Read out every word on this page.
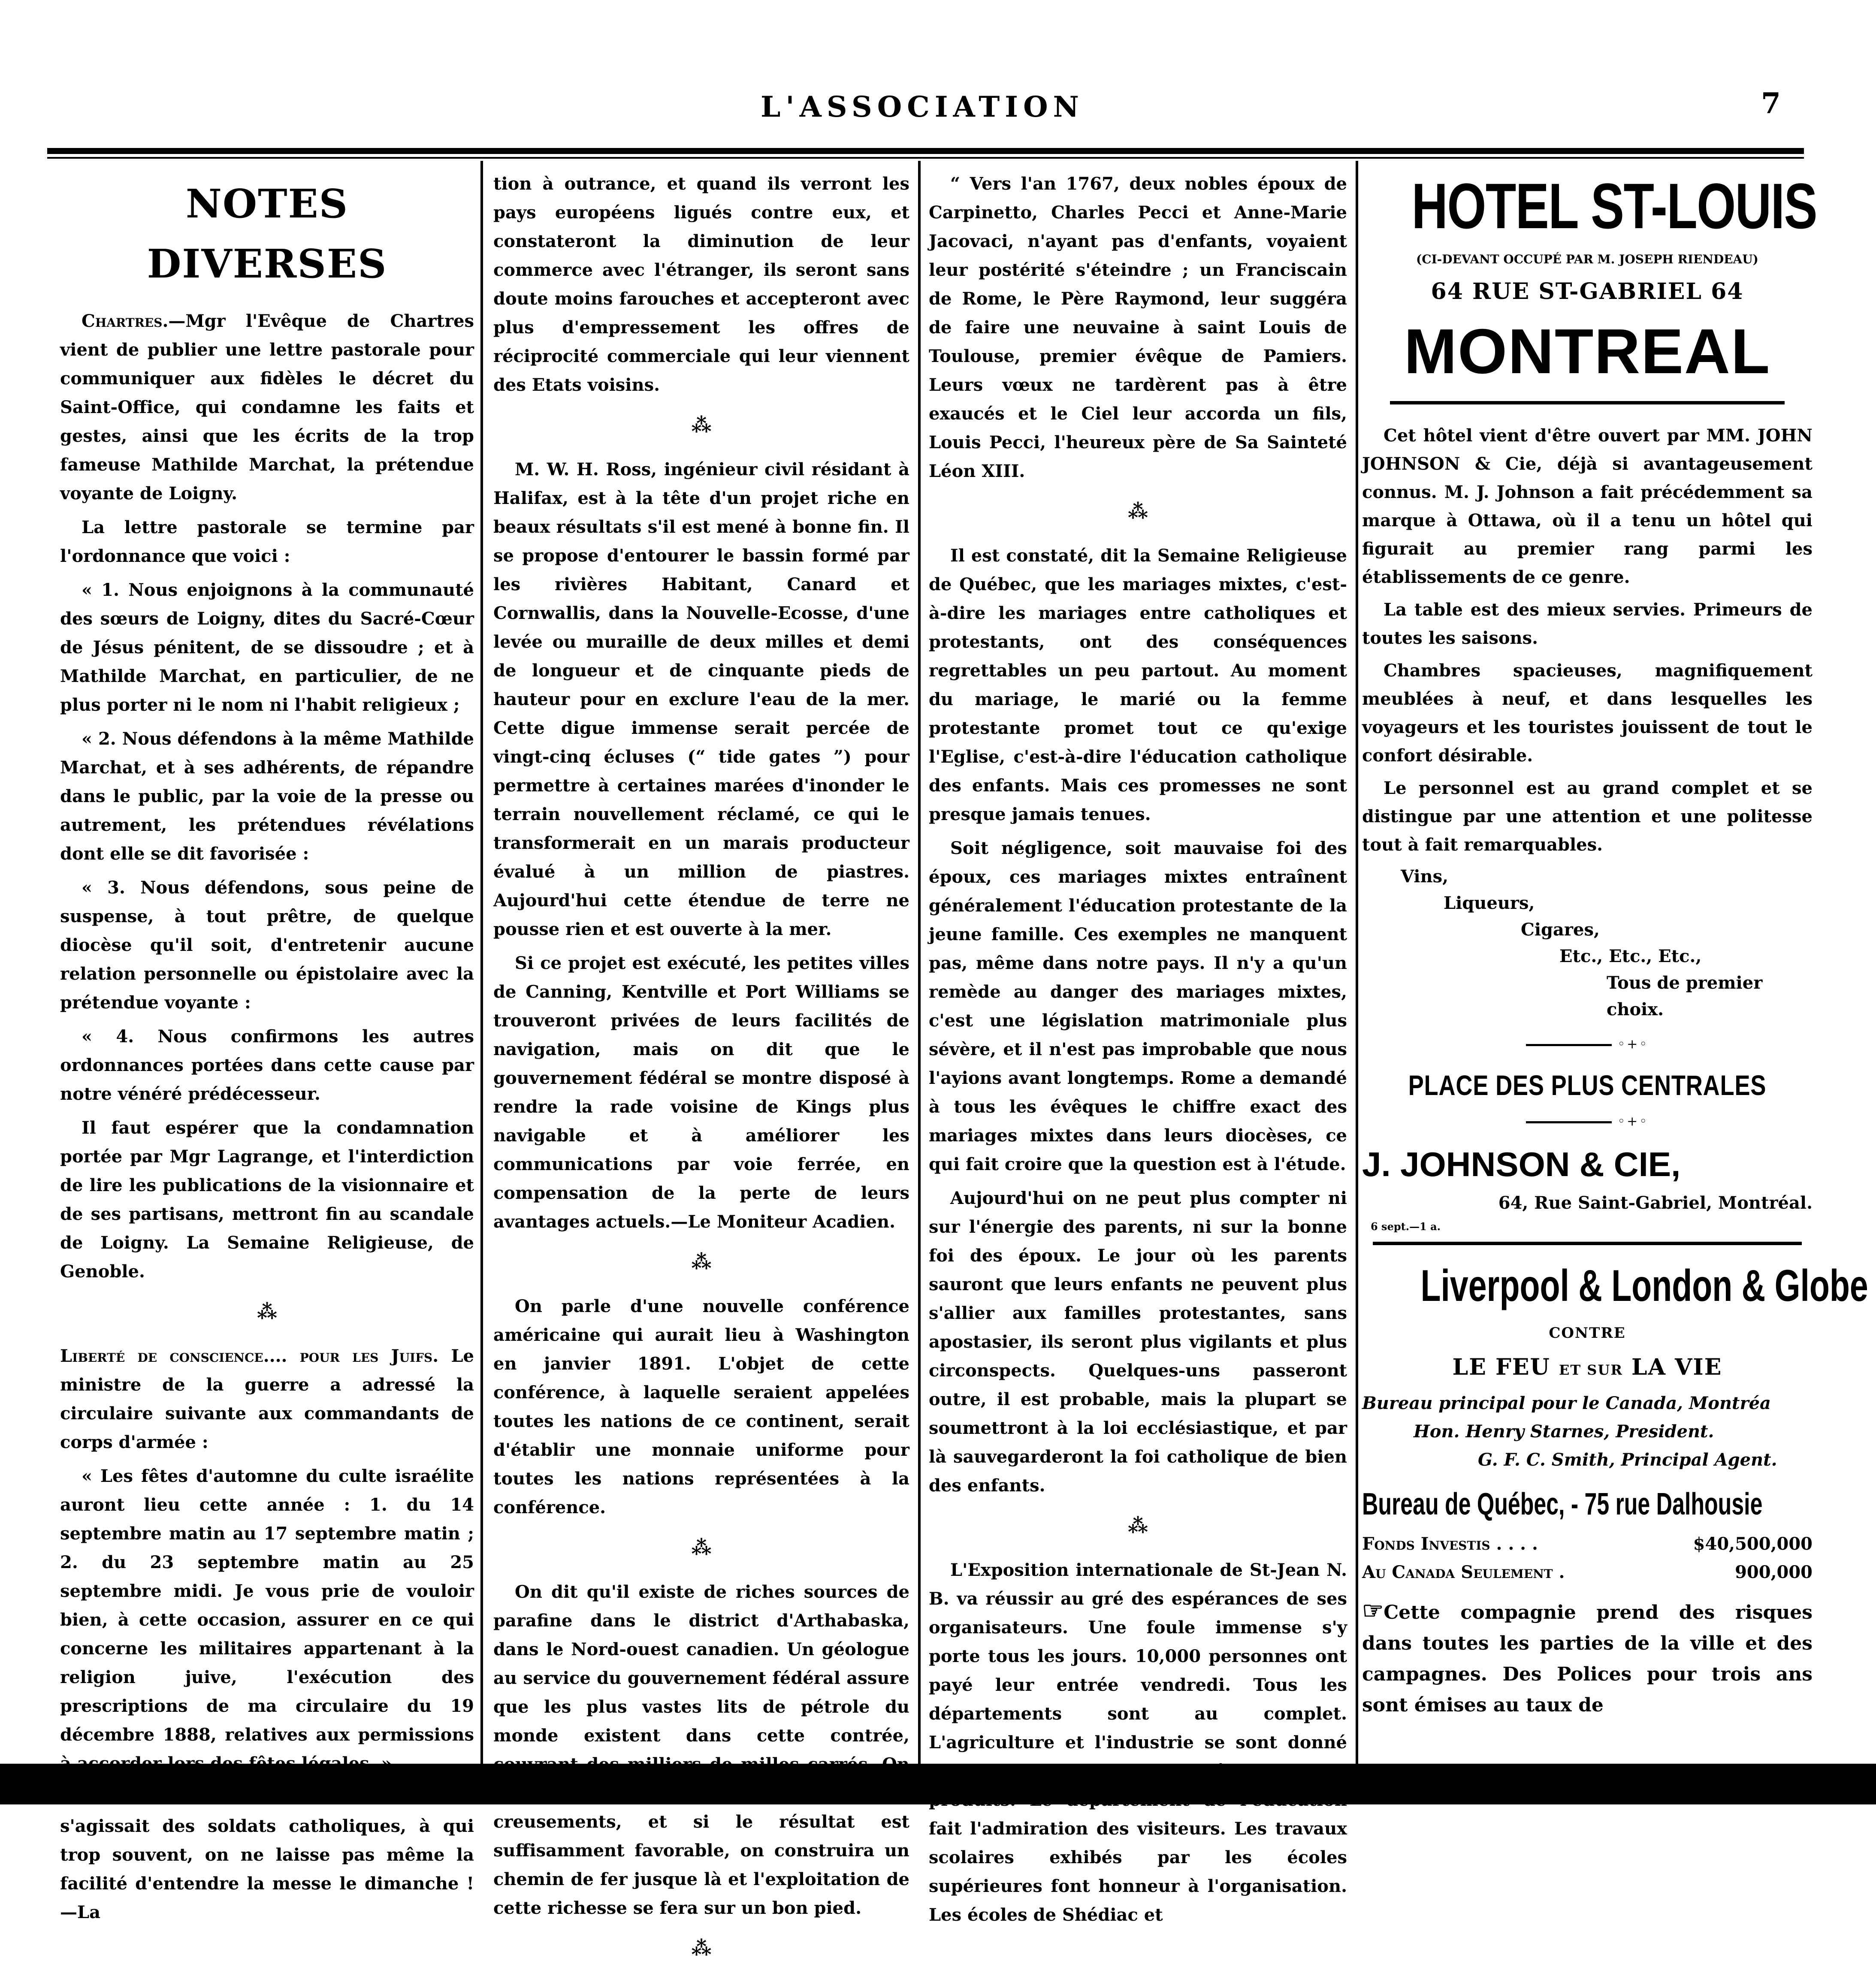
L'ASSOCIATION	7
NOTES DIVERSES

Chartres.—Mgr l'Evêque de Chartres vient de publier une lettre pastorale pour communiquer aux fidèles le décret du Saint-Office, qui condamne les faits et gestes, ainsi que les écrits de la trop fameuse Mathilde Marchat, la prétendue voyante de Loigny.

La lettre pastorale se termine par l'ordonnance que voici :

« 1. Nous enjoignons à la communauté des sœurs de Loigny, dites du Sacré-Cœur de Jésus pénitent, de se dissoudre ; et à Mathilde Marchat, en particulier, de ne plus porter ni le nom ni l'habit religieux ;

« 2. Nous défendons à la même Mathilde Marchat, et à ses adhérents, de répandre dans le public, par la voie de la presse ou autrement, les prétendues révélations dont elle se dit favorisée :

« 3. Nous défendons, sous peine de suspense, à tout prêtre, de quelque diocèse qu'il soit, d'entretenir aucune relation personnelle ou épistolaire avec la prétendue voyante :

« 4. Nous confirmons les autres ordonnances portées dans cette cause par notre vénéré prédécesseur.

Il faut espérer que la condamnation portée par Mgr Lagrange, et l'interdiction de lire les publications de la visionnaire et de ses partisans, mettront fin au scandale de Loigny. La Semaine Religieuse, de Genoble.

⁂

Liberté de conscience.... pour les Juifs. Le ministre de la guerre a adressé la circulaire suivante aux commandants de corps d'armée :

« Les fêtes d'automne du culte israélite auront lieu cette année : 1. du 14 septembre matin au 17 septembre matin ; 2. du 23 septembre matin au 25 septembre midi. Je vous prie de vouloir bien, à cette occasion, assurer en ce qui concerne les militaires appartenant à la religion juive, l'exécution des prescriptions de ma circulaire du 19 décembre 1888, relatives aux permissions

s'agissait des soldats catholiques, à qui trop souvent, on ne laisse pas même la facilité d'entendre la messe le dimanche ! —La

tion à outrance, et quand ils verront les pays européens ligués contre eux, et constateront la diminution de leur commerce avec l'étranger, ils seront sans doute moins farouches et accepteront avec plus d'empressement les offres de réciprocité commerciale qui leur viennent des Etats voisins.

⁂

M. W. H. Ross, ingénieur civil résidant à Halifax, est à la tête d'un projet riche en beaux résultats s'il est mené à bonne fin. Il se propose d'entourer le bassin formé par les rivières Habitant, Canard et Cornwallis, dans la Nouvelle-Ecosse, d'une levée ou muraille de deux milles et demi de longueur et de cinquante pieds de hauteur pour en exclure l'eau de la mer. Cette digue immense serait percée de vingt-cinq écluses (“ tide gates ”) pour permettre à certaines marées d'inonder le terrain nouvellement réclamé, ce qui le transformerait en un marais producteur évalué à un million de piastres. Aujourd'hui cette étendue de terre ne pousse rien et est ouverte à la mer.

Si ce projet est exécuté, les petites villes de Canning, Kentville et Port Williams se trouveront privées de leurs facilités de navigation, mais on dit que le gouvernement fédéral se montre disposé à rendre la rade voisine de Kings plus navigable et à améliorer les communications par voie ferrée, en compensation de la perte de leurs avantages actuels.—Le Moniteur Acadien.

⁂

On parle d'une nouvelle conférence américaine qui aurait lieu à Washington en janvier 1891. L'objet de cette conférence, à laquelle seraient appelées toutes les nations de ce continent, serait d'établir une monnaie uniforme pour toutes les nations représentées à la conférence.

⁂

On dit qu'il existe de riches sources de parafine dans le district d'Arthabaska, dans le Nord-ouest canadien. Un géologue au service du gouvernement fédéral assure que les plus vastes lits de pétrole du monde existent dans cette contrée, creusements, et si le résultat est suffisamment favorable, on construira un chemin de fer jusque là et l'exploitation de cette richesse se fera sur un bon pied.

⁂

“ Vers l'an 1767, deux nobles époux de Carpinetto, Charles Pecci et Anne-Marie Jacovaci, n'ayant pas d'enfants, voyaient leur postérité s'éteindre ; un Franciscain de Rome, le Père Raymond, leur suggéra de faire une neuvaine à saint Louis de Toulouse, premier évêque de Pamiers. Leurs vœux ne tardèrent pas à être exaucés et le Ciel leur accorda un fils, Louis Pecci, l'heureux père de Sa Sainteté Léon XIII.

⁂

Il est constaté, dit la Semaine Religieuse de Québec, que les mariages mixtes, c'est-à-dire les mariages entre catholiques et protestants, ont des conséquences regrettables un peu partout. Au moment du mariage, le marié ou la femme protestante promet tout ce qu'exige l'Eglise, c'est-à-dire l'éducation catholique des enfants. Mais ces promesses ne sont presque jamais tenues.

Soit négligence, soit mauvaise foi des époux, ces mariages mixtes entraînent généralement l'éducation protestante de la jeune famille. Ces exemples ne manquent pas, même dans notre pays. Il n'y a qu'un remède au danger des mariages mixtes, c'est une législation matrimoniale plus sévère, et il n'est pas improbable que nous l'ayions avant longtemps. Rome a demandé à tous les évêques le chiffre exact des mariages mixtes dans leurs diocèses, ce qui fait croire que la question est à l'étude.

Aujourd'hui on ne peut plus compter ni sur l'énergie des parents, ni sur la bonne foi des époux. Le jour où les parents sauront que leurs enfants ne peuvent plus s'allier aux familles protestantes, sans apostasier, ils seront plus vigilants et plus circonspects. Quelques-uns passeront outre, il est probable, mais la plupart se soumettront à la loi ecclésiastique, et par là sauvegarderont la foi catholique de bien des enfants.

⁂

L'Exposition internationale de St-Jean N. B. va réussir au gré des espérances de ses organisateurs. Une foule immense s'y porte tous les jours. 10,000 personnes ont payé leur entrée vendredi. Tous les départements sont au complet. L'agriculture et l'industrie se sont donné fait l'admiration des visiteurs. Les travaux scolaires exhibés par les écoles supérieures font honneur à l'organisation. Les écoles de Shédiac et

HOTEL ST-LOUIS
(CI-DEVANT OCCUPÉ PAR M. JOSEPH RIENDEAU)
64 RUE ST-GABRIEL 64
MONTREAL

Cet hôtel vient d'être ouvert par MM. JOHN JOHNSON & Cie, déjà si avantageusement connus. M. J. Johnson a fait précédemment sa marque à Ottawa, où il a tenu un hôtel qui figurait au premier rang parmi les établissements de ce genre.

La table est des mieux servies. Primeurs de toutes les saisons.

Chambres spacieuses, magnifiquement meublées à neuf, et dans lesquelles les voyageurs et les touristes jouissent de tout le confort désirable.

Le personnel est au grand complet et se distingue par une attention et une politesse tout à fait remarquables.

Vins,
Liqueurs,
Cigares,
Etc., Etc., Etc.,
Tous de premier choix.
◦+◦
PLACE DES PLUS CENTRALES
◦+◦
J. JOHNSON & CIE,
64, Rue Saint-Gabriel, Montréal.
6 sept.—1 a.
Liverpool & London & Globe
CONTRE
LE FEU ET SUR LA VIE
Bureau principal pour le Canada, Montréa
Hon. Henry Starnes, President.
G. F. C. Smith, Principal Agent.
Bureau de Québec, - 75 rue Dalhousie
Fonds Investis . . . .	$40,500,000
Au Canada Seulement .	900,000
☞Cette compagnie prend des risques dans toutes les parties de la ville et des campagnes. Des Polices pour trois ans sont émises au taux de
